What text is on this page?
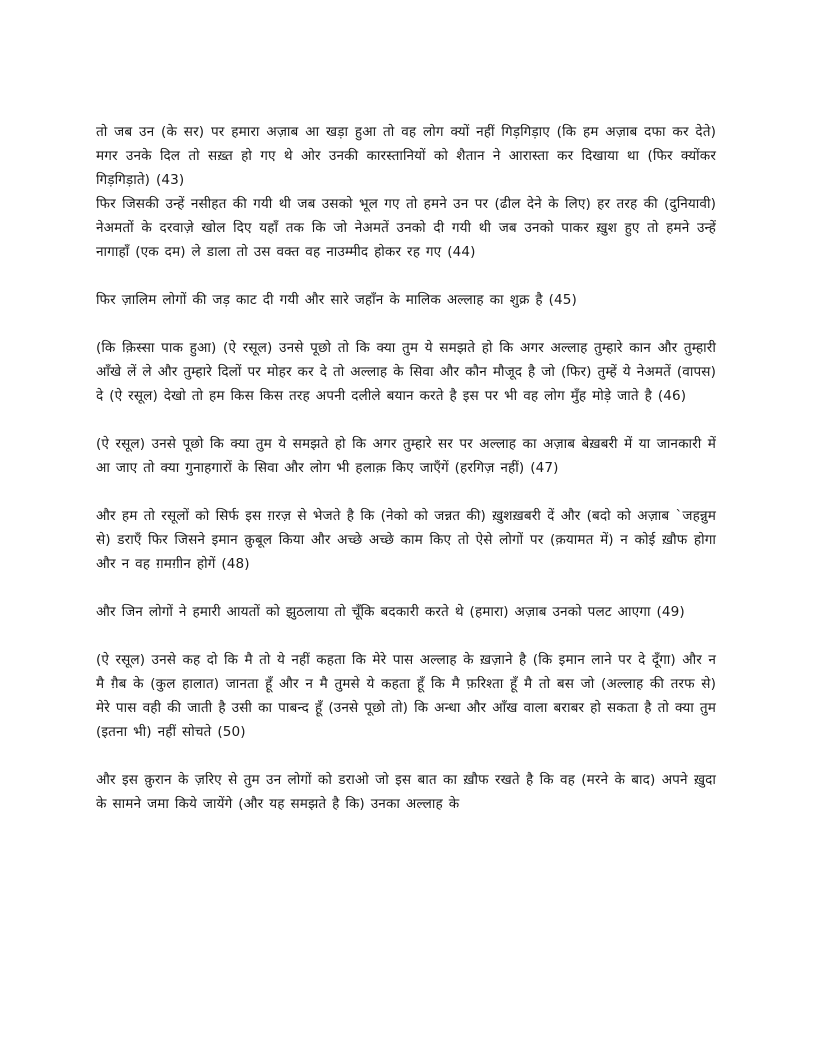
तो जब उन (के सर) पर हमारा अज़ाब आ खड़ा हुआ तो वह लोग क्यों नहीं गिड़गिड़ाए (कि हम अज़ाब दफा कर देते) मगर उनके दिल तो सख़्त हो गए थे ओर उनकी कारस्तानियों को शैतान ने आरास्ता कर दिखाया था (फिर क्योंकर गिड़गिड़ाते) (43)

फिर जिसकी उन्हें नसीहत की गयी थी जब उसको भूल गए तो हमने उन पर (ढील देने के लिए) हर तरह की (दुनियावी) नेअमतों के दरवाज़े खोल दिए यहाँ तक कि जो नेअमतें उनको दी गयी थी जब उनको पाकर ख़ुश हुए तो हमने उन्हें नागाहाँ (एक दम) ले डाला तो उस वक्त वह नाउम्मीद होकर रह गए (44)

फिर ज़ालिम लोगों की जड़ काट दी गयी और सारे जहाँन के मालिक अल्लाह का शुक्र है (45)

(कि क़िस्सा पाक हुआ) (ऐ रसूल) उनसे पूछो तो कि क्या तुम ये समझते हो कि अगर अल्लाह तुम्हारे कान और तुम्हारी आँखे लें ले और तुम्हारे दिलों पर मोहर कर दे तो अल्लाह के सिवा और कौन मौजूद है जो (फिर) तुम्हें ये नेअमतें (वापस) दे (ऐ रसूल) देखो तो हम किस किस तरह अपनी दलीले बयान करते है इस पर भी वह लोग मुँह मोड़े जाते है (46)

(ऐ रसूल) उनसे पूछो कि क्या तुम ये समझते हो कि अगर तुम्हारे सर पर अल्लाह का अज़ाब बेख़बरी में या जानकारी में आ जाए तो क्या गुनाहगारों के सिवा और लोग भी हलाक़ किए जाएँगें (हरगिज़ नहीं) (47)

और हम तो रसूलों को सिर्फ इस ग़रज़ से भेजते है कि (नेको को जन्नत की) ख़ुशख़बरी दें और (बदो को अज़ाब `जहन्नुम से) डराएँ फिर जिसने इमान क़ुबूल किया और अच्छे अच्छे काम किए तो ऐसे लोगों पर (क़यामत में) न कोई ख़ौफ होगा और न वह ग़मग़ीन होगें (48)

और जिन लोगों ने हमारी आयतों को झुठलाया तो चूँकि बदकारी करते थे (हमारा) अज़ाब उनको पलट आएगा (49)

(ऐ रसूल) उनसे कह दो कि मै तो ये नहीं कहता कि मेरे पास अल्लाह के ख़ज़ाने है (कि इमान लाने पर दे दूँगा) और न मै ग़ैब के (कुल हालात) जानता हूँ और न मै तुमसे ये कहता हूँ कि मै फ़रिश्ता हूँ मै तो बस जो (अल्लाह की तरफ से) मेरे पास वही की जाती है उसी का पाबन्द हूँ (उनसे पूछो तो) कि अन्धा और आँख वाला बराबर हो सकता है तो क्या तुम (इतना भी) नहीं सोचते (50)

और इस क़ुरान के ज़रिए से तुम उन लोगों को डराओ जो इस बात का ख़ौफ रखते है कि वह (मरने के बाद) अपने ख़ुदा के सामने जमा किये जायेंगे (और यह समझते है कि) उनका अल्लाह के
